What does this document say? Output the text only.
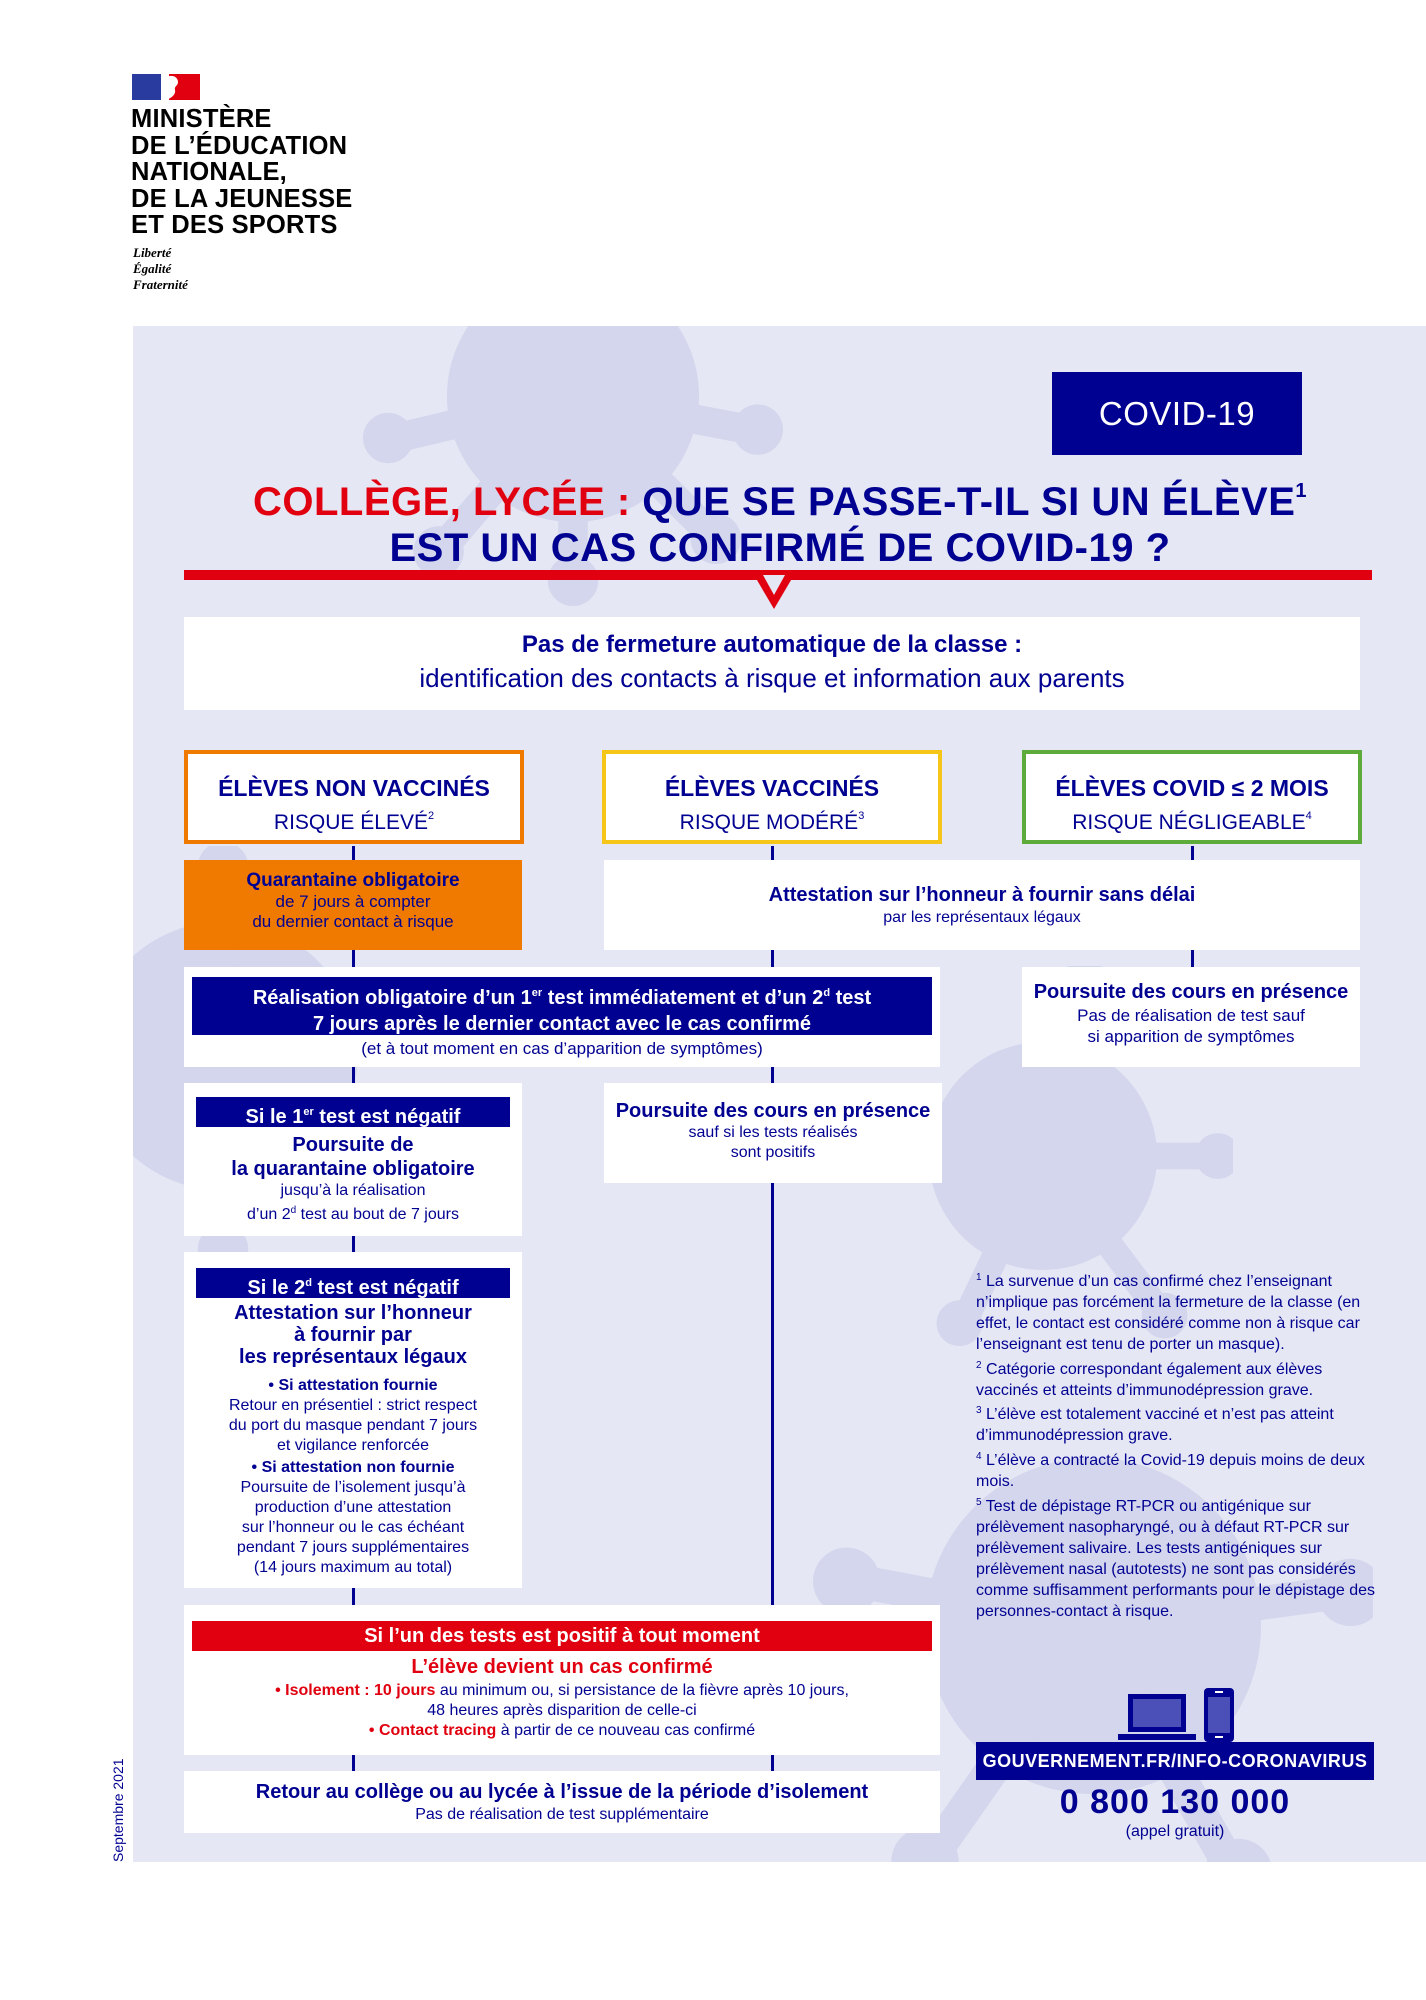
MINISTÈRE
DE L’ÉDUCATION
NATIONALE,
DE LA JEUNESSE
ET DES SPORTS
Liberté
Égalité
Fraternité
COVID-19
COLLÈGE, LYCÉE : QUE SE PASSE-T-IL SI UN ÉLÈVE$^1$
EST UN CAS CONFIRMÉ DE COVID-19 ?
Pas de fermeture automatique de la classe :
identification des contacts à risque et information aux parents
ÉLÈVES NON VACCINÉS
RISQUE ÉLEVÉ$^2$
ÉLÈVES VACCINÉS
RISQUE MODÉRÉ$^3$
ÉLÈVES COVID ≤ 2 MOIS
RISQUE NÉGLIGEABLE$^4$
Quarantaine obligatoire
de 7 jours à compter
du dernier contact à risque
Attestation sur l’honneur à fournir sans délai
par les représentaux légaux
Réalisation obligatoire d’un 1er test immédiatement et d’un 2$^d$ test
7 jours après le dernier contact avec le cas confirmé
(et à tout moment en cas d’apparition de symptômes)
Poursuite des cours en présence
Pas de réalisation de test sauf
si apparition de symptômes
Si le 1er test est négatif
Poursuite de
la quarantaine obligatoire
jusqu’à la réalisation
d’un 2$^d$ test au bout de 7 jours
Poursuite des cours en présence
sauf si les tests réalisés
sont positifs
Si le 2$^d$ test est négatif
Attestation sur l’honneur
à fournir par
les représentaux légaux
• Si attestation fournie
Retour en présentiel : strict respect
du port du masque pendant 7 jours
et vigilance renforcée
• Si attestation non fournie
Poursuite de l’isolement jusqu’à
production d’une attestation
sur l’honneur ou le cas échéant
pendant 7 jours supplémentaires
(14 jours maximum au total)
Si l’un des tests est positif à tout moment
L’élève devient un cas confirmé
• Isolement : 10 jours au minimum ou, si persistance de la fièvre après 10 jours,
48 heures après disparition de celle-ci
• Contact tracing à partir de ce nouveau cas confirmé
Retour au collège ou au lycée à l’issue de la période d’isolement
Pas de réalisation de test supplémentaire
$^1$ La survenue d’un cas confirmé chez l’enseignant n’implique pas forcément la fermeture de la classe (en effet, le contact est considéré comme non à risque car l’enseignant est tenu de porter un masque).
$^2$ Catégorie correspondant également aux élèves vaccinés et atteints d’immunodépression grave.
$^3$ L’élève est totalement vacciné et n’est pas atteint d’immunodépression grave.
$^4$ L’élève a contracté la Covid-19 depuis moins de deux mois.
$^5$ Test de dépistage RT-PCR ou antigénique sur prélèvement nasopharyngé, ou à défaut RT-PCR sur prélèvement salivaire. Les tests antigéniques sur prélèvement nasal (autotests) ne sont pas considérés comme suffisamment performants pour le dépistage des personnes-contact à risque.
GOUVERNEMENT.FR/INFO-CORONAVIRUS
0 800 130 000
(appel gratuit)
Septembre 2021
